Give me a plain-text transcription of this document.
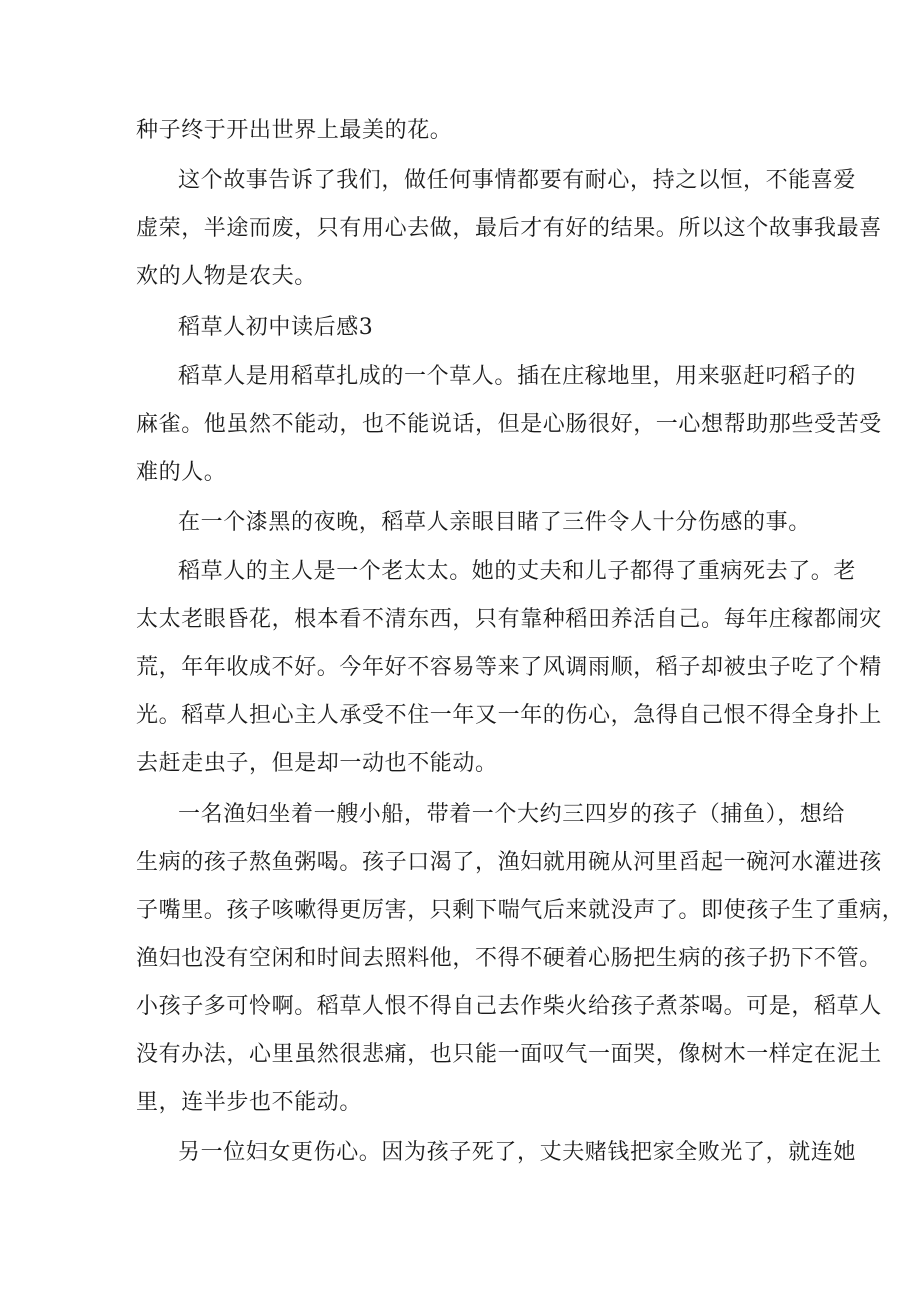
种子终于开出世界上最美的花。
这个故事告诉了我们，做任何事情都要有耐心，持之以恒，不能喜爱
虚荣，半途而废，只有用心去做，最后才有好的结果。所以这个故事我最喜
欢的人物是农夫。
稻草人初中读后感3
稻草人是用稻草扎成的一个草人。插在庄稼地里，用来驱赶叼稻子的
麻雀。他虽然不能动，也不能说话，但是心肠很好，一心想帮助那些受苦受
难的人。
在一个漆黑的夜晚，稻草人亲眼目睹了三件令人十分伤感的事。
稻草人的主人是一个老太太。她的丈夫和儿子都得了重病死去了。老
太太老眼昏花，根本看不清东西，只有靠种稻田养活自己。每年庄稼都闹灾
荒，年年收成不好。今年好不容易等来了风调雨顺，稻子却被虫子吃了个精
光。稻草人担心主人承受不住一年又一年的伤心，急得自己恨不得全身扑上
去赶走虫子，但是却一动也不能动。
一名渔妇坐着一艘小船，带着一个大约三四岁的孩子（捕鱼），想给
生病的孩子熬鱼粥喝。孩子口渴了，渔妇就用碗从河里舀起一碗河水灌进孩
子嘴里。孩子咳嗽得更厉害，只剩下喘气后来就没声了。即使孩子生了重病，
渔妇也没有空闲和时间去照料他，不得不硬着心肠把生病的孩子扔下不管。
小孩子多可怜啊。稻草人恨不得自己去作柴火给孩子煮茶喝。可是，稻草人
没有办法，心里虽然很悲痛，也只能一面叹气一面哭，像树木一样定在泥土
里，连半步也不能动。
另一位妇女更伤心。因为孩子死了，丈夫赌钱把家全败光了，就连她
